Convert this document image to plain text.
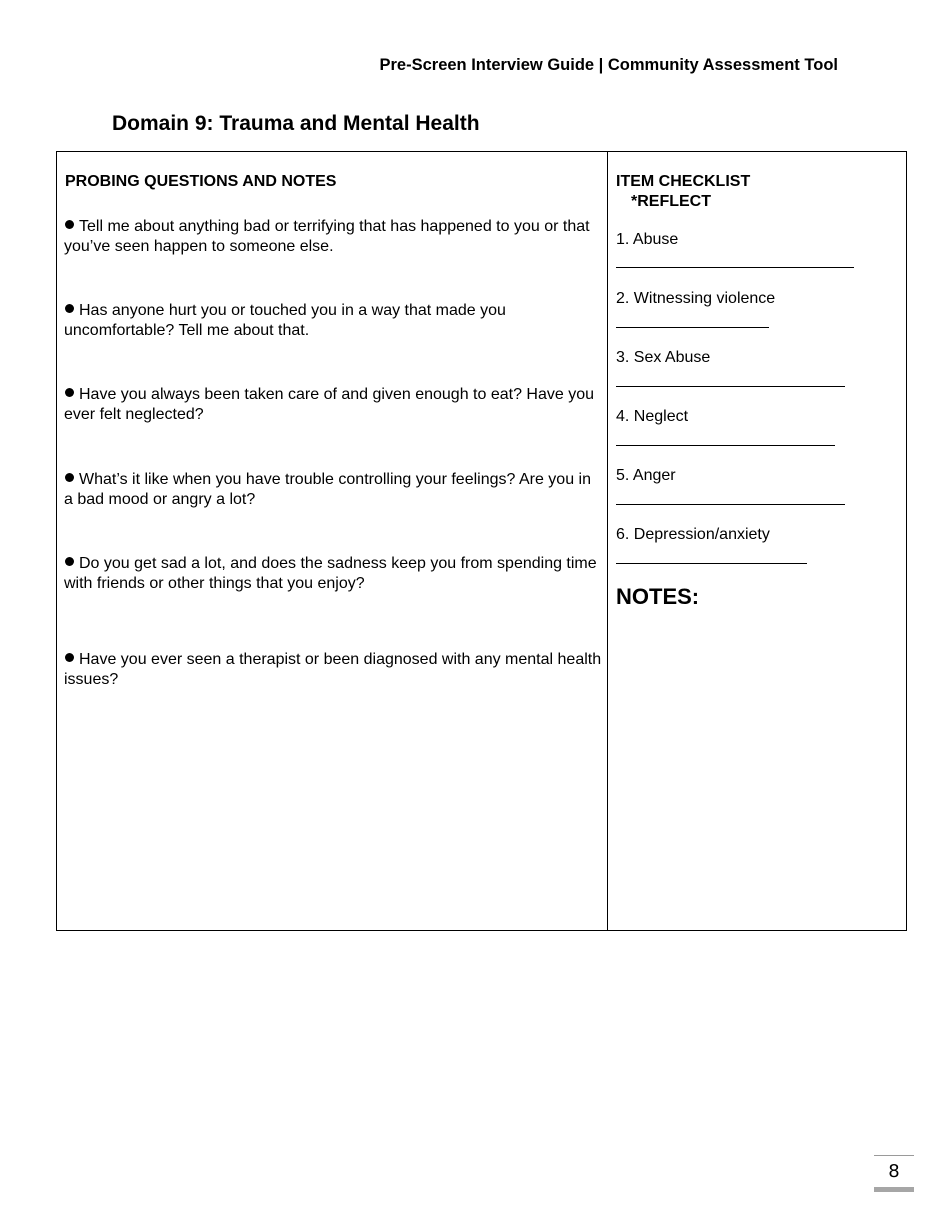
Pre-Screen Interview Guide | Community Assessment Tool
Domain 9: Trauma and Mental Health
PROBING QUESTIONS AND NOTES
Tell me about anything bad or terrifying that has happened to you or that you’ve seen happen to someone else.
Has anyone hurt you or touched you in a way that made you uncomfortable? Tell me about that.
Have you always been taken care of and given enough to eat? Have you ever felt neglected?
What’s it like when you have trouble controlling your feelings? Are you in a bad mood or angry a lot?
Do you get sad a lot, and does the sadness keep you from spending time with friends or other things that you enjoy?
Have you ever seen a therapist or been diagnosed with any mental health issues?
ITEM CHECKLIST
*REFLECT
1. Abuse
2. Witnessing violence
3. Sex Abuse
4. Neglect
5. Anger
6. Depression/anxiety
NOTES:
8
